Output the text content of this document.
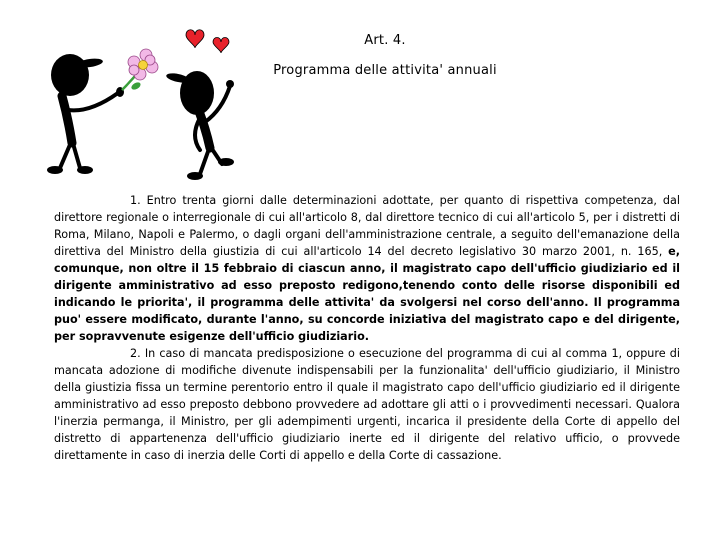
Art. 4.

Programma delle attivita' annuali

1. Entro trenta giorni dalle determinazioni adottate, per quanto di rispettiva competenza, dal direttore regionale o interregionale di cui all'articolo 8, dal direttore tecnico di cui all'articolo 5, per i distretti di Roma, Milano, Napoli e Palermo, o dagli organi dell'amministrazione centrale, a seguito dell'emanazione della direttiva del Ministro della giustizia di cui all'articolo 14 del decreto legislativo 30 marzo 2001, n. 165, e, comunque, non oltre il 15 febbraio di ciascun anno, il magistrato capo dell'ufficio giudiziario ed il dirigente amministrativo ad esso preposto redigono,tenendo conto delle risorse disponibili ed indicando le priorita', il programma delle attivita' da svolgersi nel corso dell'anno. Il programma puo' essere modificato, durante l'anno, su concorde iniziativa del magistrato capo e del dirigente, per sopravvenute esigenze dell'ufficio giudiziario.

2. In caso di mancata predisposizione o esecuzione del programma di cui al comma 1, oppure di mancata adozione di modifiche divenute indispensabili per la funzionalita' dell'ufficio giudiziario, il Ministro della giustizia fissa un termine perentorio entro il quale il magistrato capo dell'ufficio giudiziario ed il dirigente amministrativo ad esso preposto debbono provvedere ad adottare gli atti o i provvedimenti necessari. Qualora l'inerzia permanga, il Ministro, per gli adempimenti urgenti, incarica il presidente della Corte di appello del distretto di appartenenza dell'ufficio giudiziario inerte ed il dirigente del relativo ufficio, o provvede direttamente in caso di inerzia delle Corti di appello e della Corte di cassazione.
